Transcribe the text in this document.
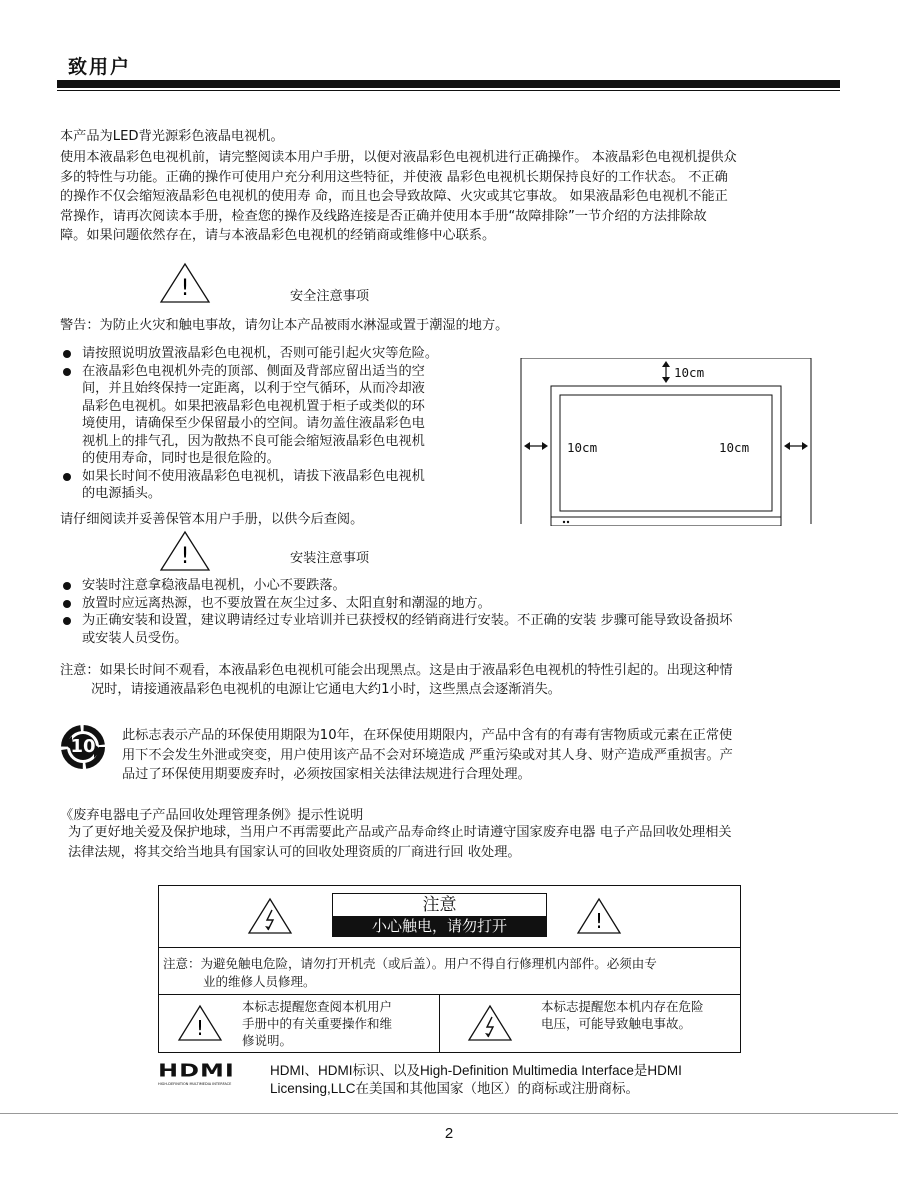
致用户
本产品为LED背光源彩色液晶电视机。
使用本液晶彩色电视机前，请完整阅读本用户手册，以便对液晶彩色电视机进行正确操作。 本液晶彩色电视机提供众
多的特性与功能。正确的操作可使用户充分利用这些特征，并使液 晶彩色电视机长期保持良好的工作状态。 不正确
的操作不仅会缩短液晶彩色电视机的使用寿 命，而且也会导致故障、火灾或其它事故。 如果液晶彩色电视机不能正
常操作，请再次阅读本手册，检查您的操作及线路连接是否正确并使用本手册“故障排除”一节介绍的方法排除故
障。如果问题依然存在，请与本液晶彩色电视机的经销商或维修中心联系。
!	安全注意事项
警告：为防止火灾和触电事故，请勿让本产品被雨水淋湿或置于潮湿的地方。
请按照说明放置液晶彩色电视机，否则可能引起火灾等危险。
在液晶彩色电视机外壳的顶部、侧面及背部应留出适当的空
间，并且始终保持一定距离，以利于空气循环，从而冷却液
晶彩色电视机。如果把液晶彩色电视机置于柜子或类似的环
境使用，请确保至少保留最小的空间。请勿盖住液晶彩色电
视机上的排气孔，因为散热不良可能会缩短液晶彩色电视机
的使用寿命，同时也是很危险的。
如果长时间不使用液晶彩色电视机，请拔下液晶彩色电视机
的电源插头。
请仔细阅读并妥善保管本用户手册，以供今后查阅。
10cm
10cm	10cm
!	安装注意事项
安装时注意拿稳液晶电视机，小心不要跌落。
放置时应远离热源，也不要放置在灰尘过多、太阳直射和潮湿的地方。
为正确安装和设置，建议聘请经过专业培训并已获授权的经销商进行安装。不正确的安装 步骤可能导致设备损坏
或安装人员受伤。
注意：如果长时间不观看，本液晶彩色电视机可能会出现黑点。这是由于液晶彩色电视机的特性引起的。出现这种情
况时，请接通液晶彩色电视机的电源让它通电大约1小时，这些黑点会逐渐消失。
10
此标志表示产品的环保使用期限为10年，在环保使用期限内，产品中含有的有毒有害物质或元素在正常使
用下不会发生外泄或突变，用户使用该产品不会对环境造成 严重污染或对其人身、财产造成严重损害。产
品过了环保使用期要废弃时，必须按国家相关法律法规进行合理处理。
《废弃电器电子产品回收处理管理条例》提示性说明
为了更好地关爱及保护地球，当用户不再需要此产品或产品寿命终止时请遵守国家废弃电器 电子产品回收处理相关
法律法规，将其交给当地具有国家认可的回收处理资质的厂商进行回 收处理。
注意
小心触电，请勿打开	!
注意：为避免触电危险，请勿打开机壳（或后盖）。用户不得自行修理机内部件。必须由专
业的维修人员修理。
!
本标志提醒您查阅本机用户
手册中的有关重要操作和维
修说明。
本标志提醒您本机内存在危险
电压，可能导致触电事故。
HDMI
HIGH-DEFINITION MULTIMEDIA INTERFACE
HDMI、HDMI标识、以及High-Definition Multimedia Interface是HDMI
Licensing,LLC在美国和其他国家（地区）的商标或注册商标。
2
